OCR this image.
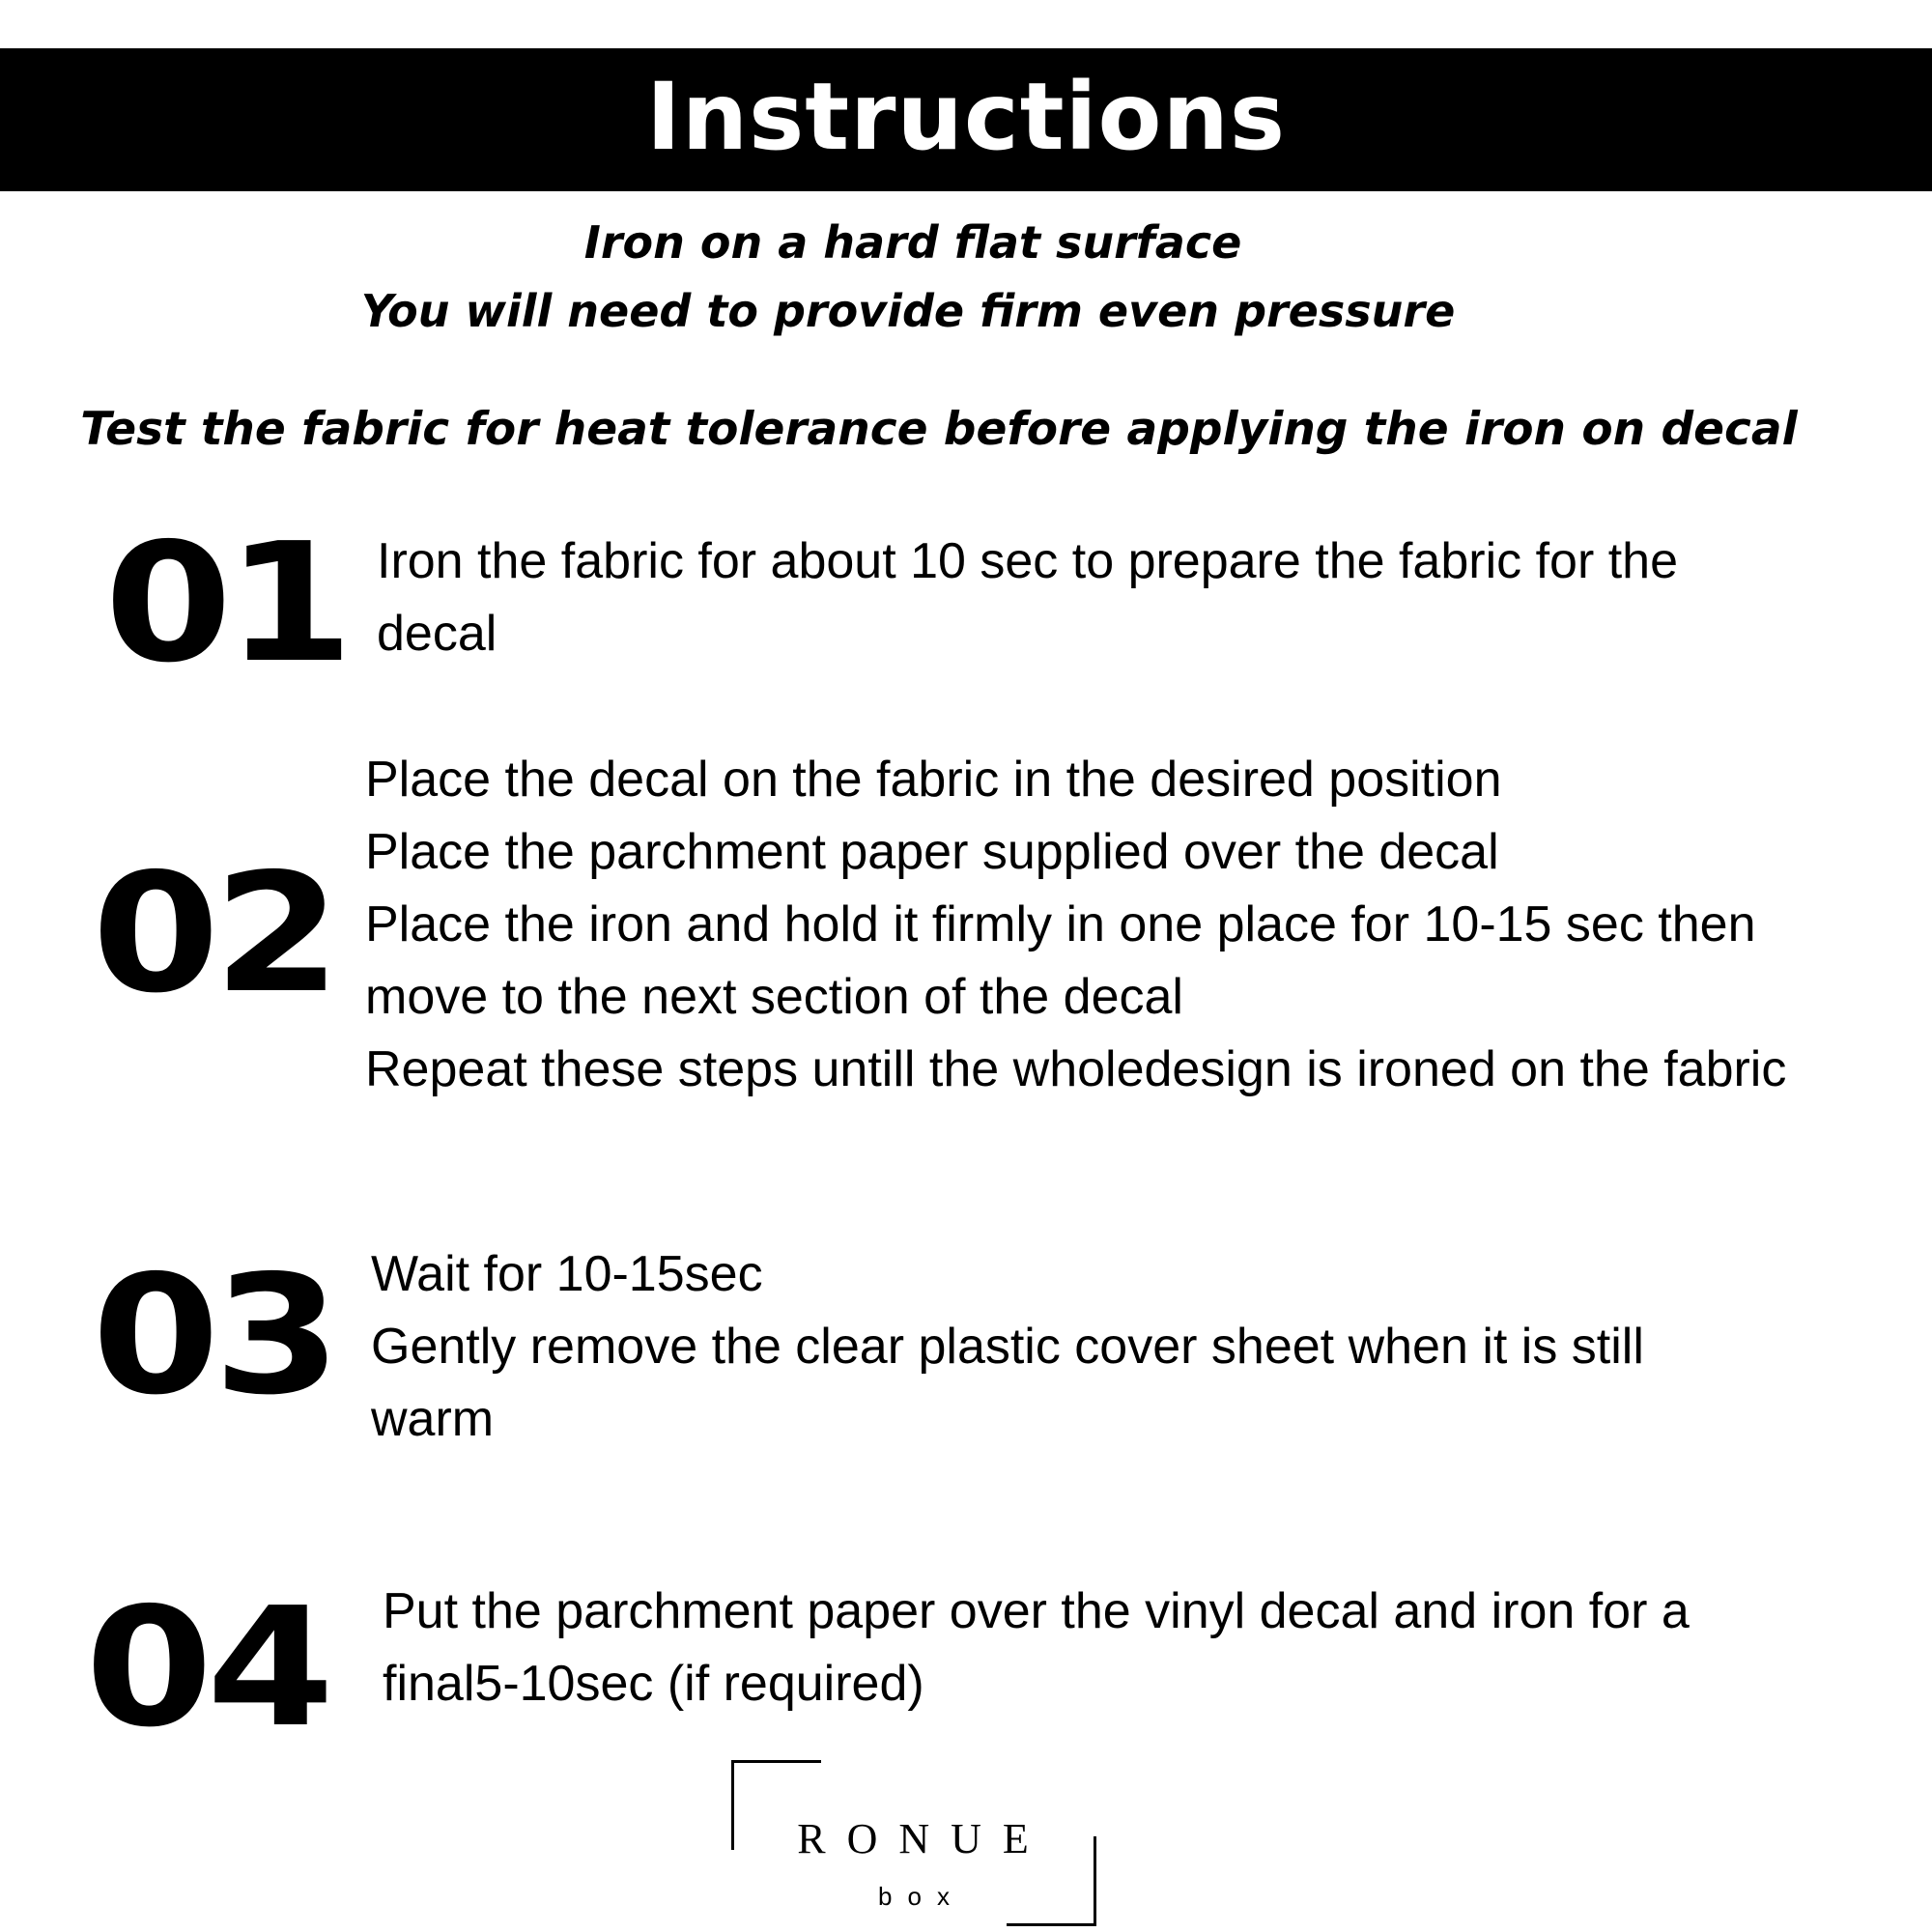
Instructions
Iron on a hard flat surface
You will need to provide firm even pressure
Test the fabric for heat tolerance before applying the iron on decal
01 Iron the fabric for about 10 sec to prepare the fabric for the decal

02

Place the decal on the fabric in the desired position

Place the parchment paper supplied over the decal

Place the iron and hold it firmly in one place for 10-15 sec then move to the next section of the decal

Repeat these steps untill the wholedesign is ironed on the fabric

03 Wait for 10-15sec

Gently remove the clear plastic cover sheet when it is still warm

04 Put the parchment paper over the vinyl decal and iron for a final5-10sec (if required)

RONUE
box
